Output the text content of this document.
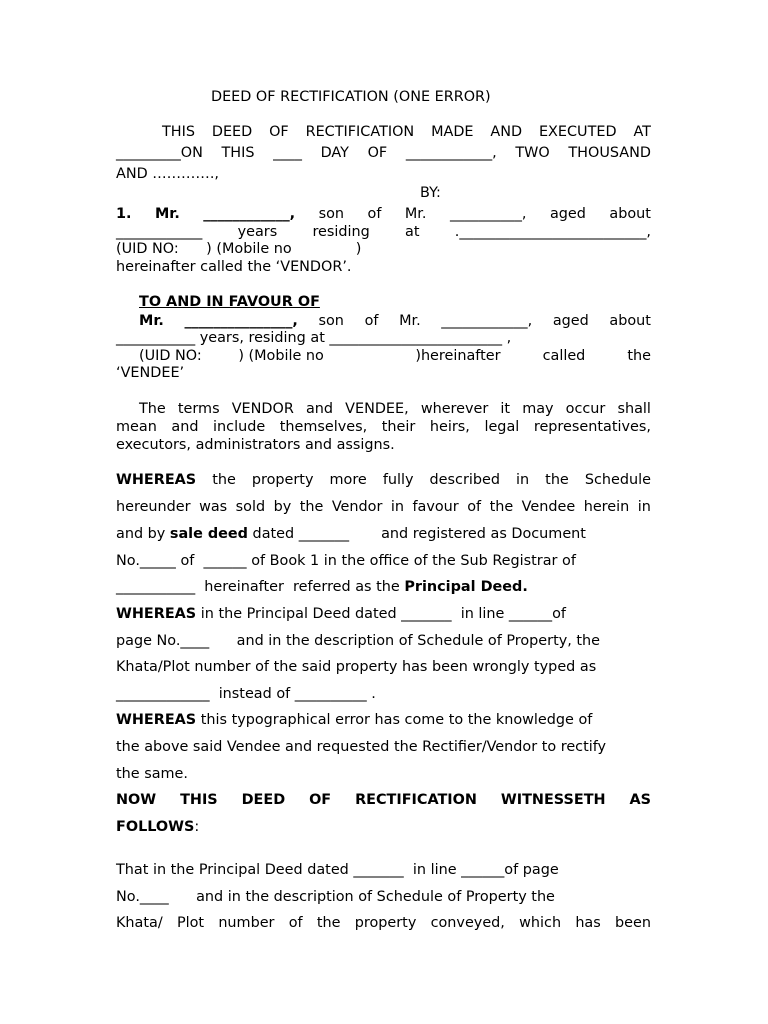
DEED OF RECTIFICATION (ONE ERROR)
THIS DEED OF RECTIFICATION MADE AND EXECUTED AT
_________ON THIS ____ DAY OF ____________, TWO THOUSAND
AND ………….,
BY:
1. Mr. ____________, son of Mr. __________, aged about
____________ years residing at .__________________________,
(UID NO:      ) (Mobile no              )
hereinafter called the ‘VENDOR’.
TO AND IN FAVOUR OF
Mr. _______________, son of Mr. ____________, aged about
___________ years, residing at ________________________ ,
(UID NO:        ) (Mobile no                    )hereinafter	called	the
‘VENDEE’
The terms VENDOR and VENDEE, wherever it may occur shall
mean and include themselves, their heirs, legal representatives,
executors, administrators and assigns.
WHEREAS the property more fully described in the Schedule
hereunder was sold by the Vendor in favour of the Vendee herein in
and by sale deed dated _______       and registered as Document
No._____ of  ______ of Book 1 in the office of the Sub Registrar of
___________  hereinafter  referred as the Principal Deed.
WHEREAS in the Principal Deed dated _______  in line ______of
page No.____      and in the description of Schedule of Property, the
Khata/Plot number of the said property has been wrongly typed as
_____________  instead of __________ .
WHEREAS this typographical error has come to the knowledge of
the above said Vendee and requested the Rectifier/Vendor to rectify
the same.
NOW THIS DEED OF RECTIFICATION WITNESSETH AS
FOLLOWS:
That in the Principal Deed dated _______  in line ______of page
No.____      and in the description of Schedule of Property the
Khata/ Plot number of the property conveyed, which has been
